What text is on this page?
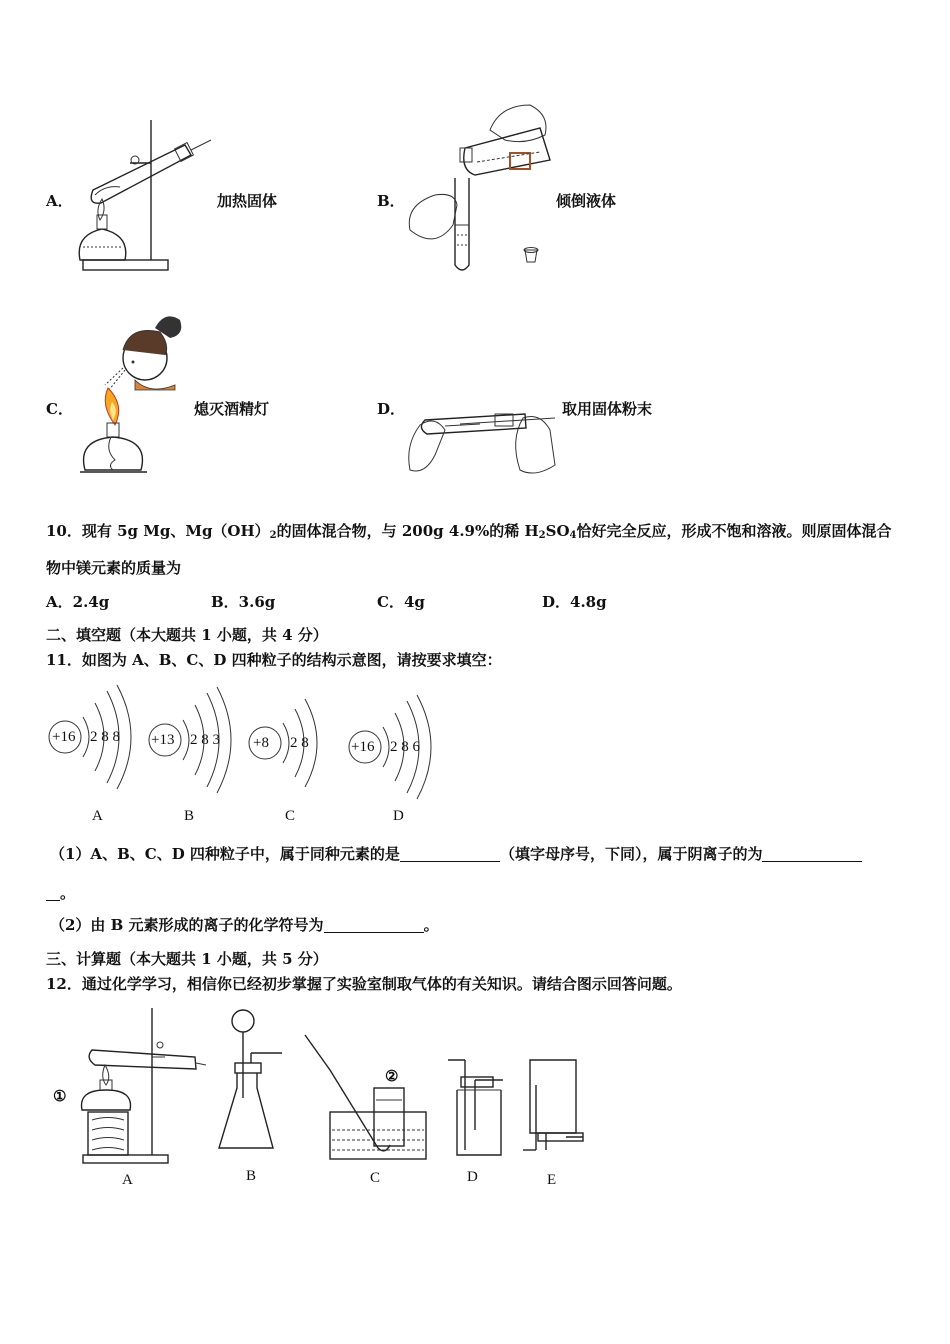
A．	加热固体	B．	倾倒液体
C．	熄灭酒精灯	D．	取用固体粉末
10．现有 5g Mg、$Mg(OH)_2$的固体混合物，与 200g 4.9%的稀 $H_2SO_4$恰好完全反应，形成不饱和溶液。则原固体混合
物中镁元素的质量为
A．2.4g	B．3.6g	C．4g	D．4.8g
二、填空题（本大题共 1 小题，共 4 分）
11．如图为 A、B、C、D 四种粒子的结构示意图，请按要求填空：
+16 2 8 8
A
+13 2 8 3
B
+8 2 8
C
+16 2 8 6
D
（1）A、B、C、D 四种粒子中，属于同种元素的是	（填字母序号，下同），属于阴离子的为
。
（2）由 B 元素形成的离子的化学符号为	。
三、计算题（本大题共 1 小题，共 5 分）
12．通过化学学习，相信你已经初步掌握了实验室制取气体的有关知识。请结合图示回答问题。
①
A	B
②
C	D	E
